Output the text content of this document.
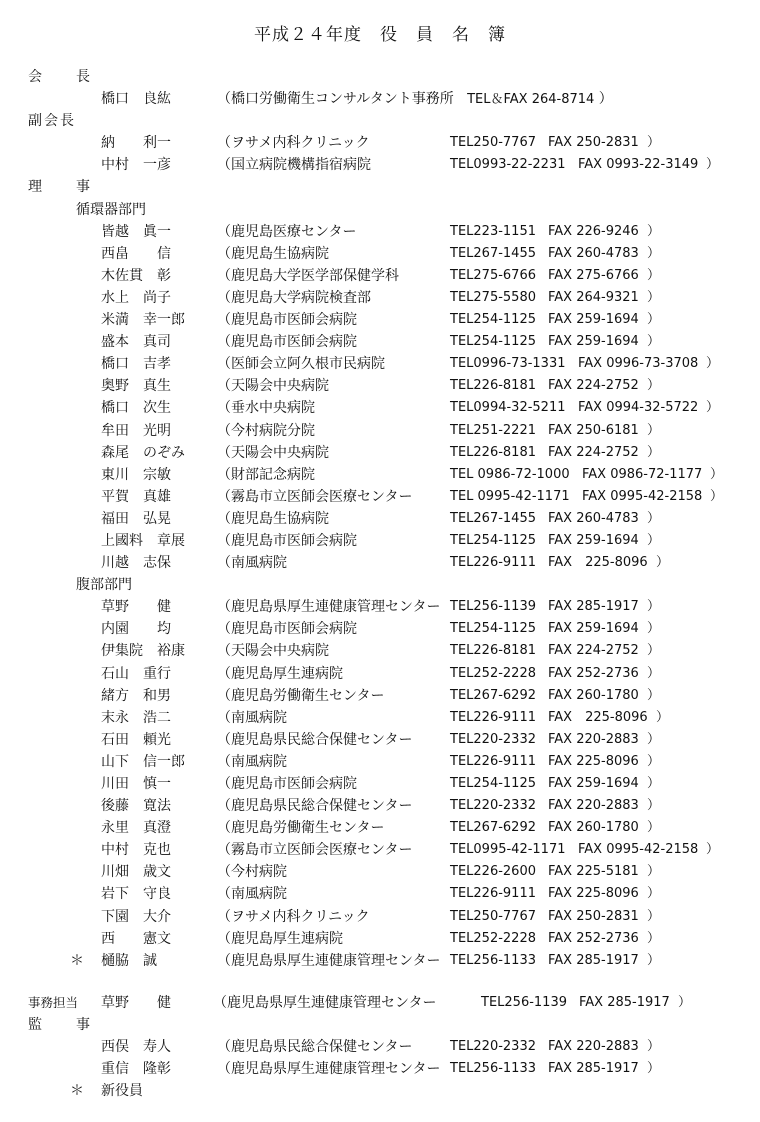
平成２４年度　役　員　名　簿
会　　長
橋口　良紘	（橋口労働衛生コンサルタント事務所 TEL＆FAX 264-8714 ）
副会長
納　　利一	（ヲサメ内科クリニック	TEL250-7767 FAX 250-2831 ）
中村　一彦	（国立病院機構指宿病院	TEL0993-22-2231 FAX 0993-22-3149 ）
理　　事
循環器部門
皆越　眞一	（鹿児島医療センター	TEL223-1151 FAX 226-9246 ）
西畠　　信	（鹿児島生協病院	TEL267-1455 FAX 260-4783 ）
木佐貫　彰	（鹿児島大学医学部保健学科	TEL275-6766 FAX 275-6766 ）
水上　尚子	（鹿児島大学病院検査部	TEL275-5580 FAX 264-9321 ）
米満　幸一郎 （鹿児島市医師会病院	TEL254-1125 FAX 259-1694 ）
盛本　真司	（鹿児島市医師会病院	TEL254-1125 FAX 259-1694 ）
橋口　吉孝	（医師会立阿久根市民病院	TEL0996-73-1331 FAX 0996-73-3708 ）
奥野　真生	（天陽会中央病院	TEL226-8181 FAX 224-2752 ）
橋口　次生	（垂水中央病院	TEL0994-32-5211 FAX 0994-32-5722 ）
牟田　光明	（今村病院分院	TEL251-2221 FAX 250-6181 ）
森尾　のぞみ （天陽会中央病院	TEL226-8181 FAX 224-2752 ）
東川　宗敏	（財部記念病院	TEL 0986-72-1000 FAX 0986-72-1177 ）
平賀　真雄	（霧島市立医師会医療センター	TEL 0995-42-1171 FAX 0995-42-2158 ）
福田　弘晃	（鹿児島生協病院	TEL267-1455 FAX 260-4783 ）
上國料　章展 （鹿児島市医師会病院	TEL254-1125 FAX 259-1694 ）
川越　志保	（南風病院	TEL226-9111 FAX　225-8096 ）
腹部部門
草野　　健	（鹿児島県厚生連健康管理センター TEL256-1139 FAX 285-1917 ）
内園　　均	（鹿児島市医師会病院	TEL254-1125 FAX 259-1694 ）
伊集院　裕康 （天陽会中央病院	TEL226-8181 FAX 224-2752 ）
石山　重行	（鹿児島厚生連病院	TEL252-2228 FAX 252-2736 ）
緒方　和男	（鹿児島労働衛生センター	TEL267-6292 FAX 260-1780 ）
末永　浩二	（南風病院	TEL226-9111 FAX　225-8096 ）
石田　頼光	（鹿児島県民総合保健センター	TEL220-2332 FAX 220-2883 ）
山下　信一郎 （南風病院	TEL226-9111 FAX 225-8096 ）
川田　慎一	（鹿児島市医師会病院	TEL254-1125 FAX 259-1694 ）
後藤　寛法	（鹿児島県民総合保健センター	TEL220-2332 FAX 220-2883 ）
永里　真澄	（鹿児島労働衛生センター	TEL267-6292 FAX 260-1780 ）
中村　克也	（霧島市立医師会医療センター	TEL0995-42-1171 FAX 0995-42-2158 ）
川畑　歳文	（今村病院	TEL226-2600 FAX 225-5181 ）
岩下　守良	（南風病院	TEL226-9111 FAX 225-8096 ）
下園　大介	（ヲサメ内科クリニック	TEL250-7767 FAX 250-2831 ）
西　　憲文	（鹿児島厚生連病院	TEL252-2228 FAX 252-2736 ）
＊ 樋脇　誠	（鹿児島県厚生連健康管理センター TEL256-1133 FAX 285-1917 ）
事務担当 草野　　健	（鹿児島県厚生連健康管理センター	TEL256-1139 FAX 285-1917 ）
監　　事
西俣　寿人	（鹿児島県民総合保健センター	TEL220-2332 FAX 220-2883 ）
重信　隆彰	（鹿児島県厚生連健康管理センター TEL256-1133 FAX 285-1917 ）
＊ 新役員
